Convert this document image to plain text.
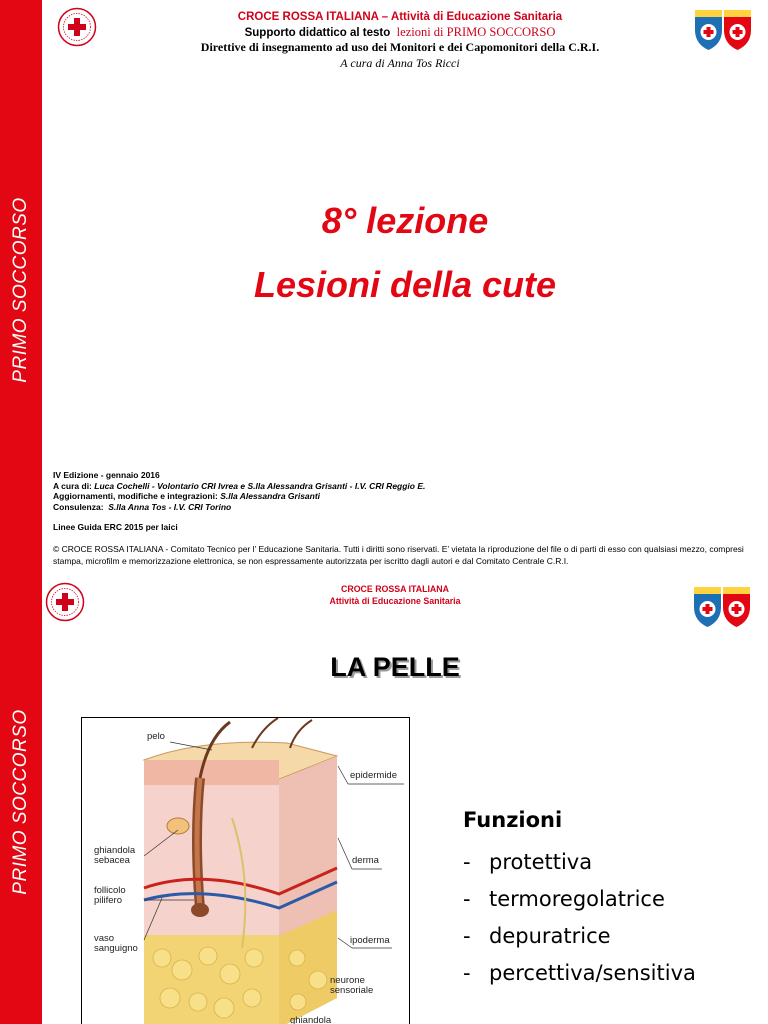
PRIMO SOCCORSO
CROCE ROSSA ITALIANA – Attività di Educazione Sanitaria
Supporto didattico al testo lezioni di PRIMO SOCCORSO
Direttive di insegnamento ad uso dei Monitori e dei Capomonitori della C.R.I.
A cura di Anna Tos Ricci
8° lezione
Lesioni della cute
IV Edizione - gennaio 2016
A cura di: Luca Cochelli - Volontario CRI Ivrea e S.lla Alessandra Grisanti - I.V. CRI Reggio E.
Aggiornamenti, modifiche e integrazioni: S.lla Alessandra Grisanti
Consulenza: S.lla Anna Tos - I.V. CRI Torino
Linee Guida ERC 2015 per laici
© CROCE ROSSA ITALIANA - Comitato Tecnico per l’ Educazione Sanitaria. Tutti i diritti sono riservati. E’ vietata la riproduzione del file o di parti di esso con qualsiasi mezzo, compresi stampa, microfilm e memorizzazione elettronica, se non espressamente autorizzata per iscritto dagli autori e dal Comitato Centrale C.R.I.
PRIMO SOCCORSO
CROCE ROSSA ITALIANA
Attività di Educazione Sanitaria
LA PELLE
pelo
epidermide
ghiandola
sebacea	derma
follicolo
pilifero
vaso
sanguigno
ipoderma
neurone
sensoriale
ghiandola
Funzioni
- protettiva
- termoregolatrice
- depuratrice
- percettiva/sensitiva
